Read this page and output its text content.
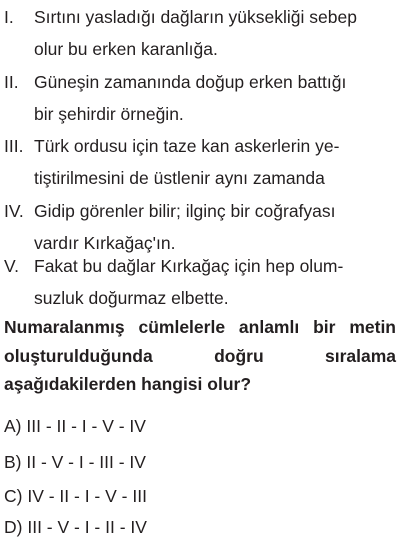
I.	Sırtını yasladığı dağların yüksekliği sebep
olur bu erken karanlığa.
II. Güneşin zamanında doğup erken battığı
bir şehirdir örneğin.
III. Türk ordusu için taze kan askerlerin ye-
tiştirilmesini de üstlenir aynı zamanda
IV. Gidip görenler bilir; ilginç bir coğrafyası
vardır Kırkağaç'ın.
V. Fakat bu dağlar Kırkağaç için hep olum-
suzluk doğurmaz elbette.
Numaralanmış cümlelerle anlamlı bir metin oluşturulduğunda doğru sıralama aşağıdakilerden hangisi olur?
A) III - II - I - V - IV
B) II - V - I - III - IV
C) IV - II - I - V - III
D) III - V - I - II - IV
